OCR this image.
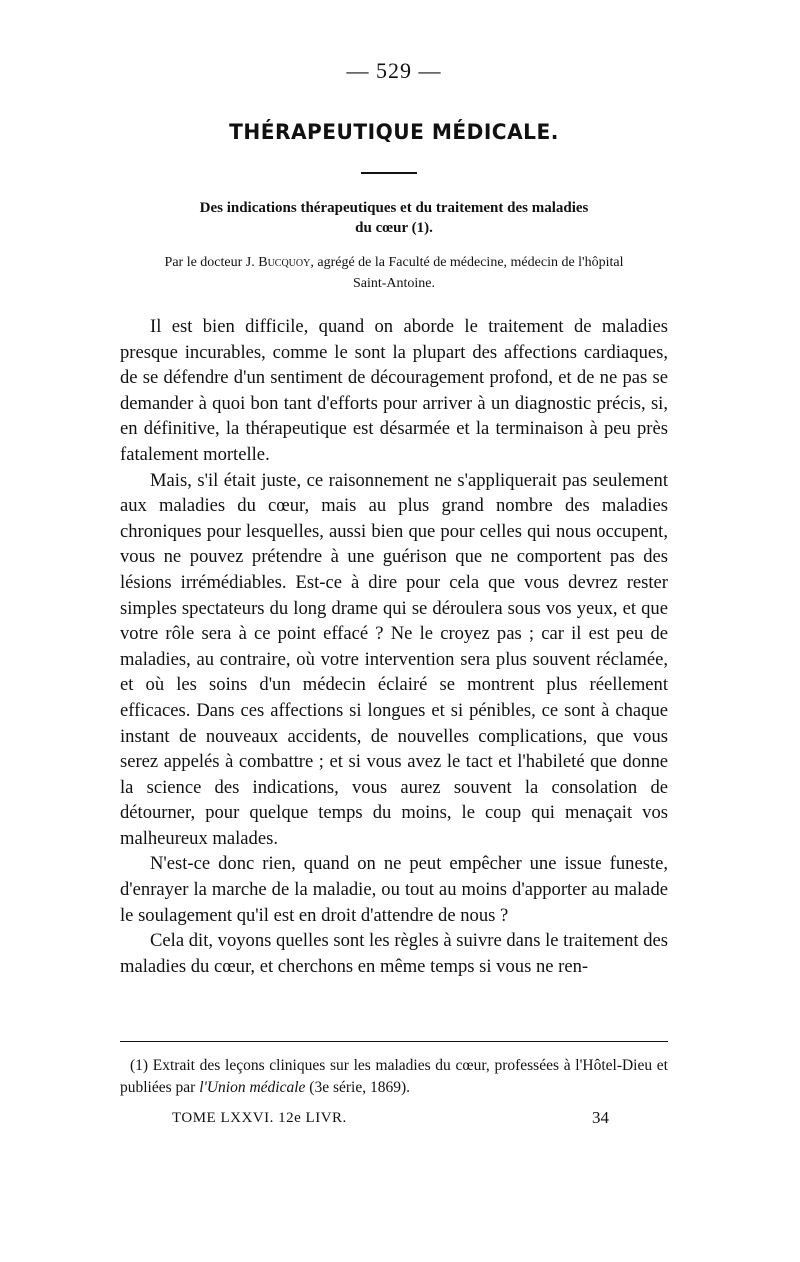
— 529 —
THÉRAPEUTIQUE MÉDICALE.
Des indications thérapeutiques et du traitement des maladies
du cœur (1).
Par le docteur J. Bucquoy, agrégé de la Faculté de médecine, médecin de l'hôpital
Saint-Antoine.

Il est bien difficile, quand on aborde le traitement de maladies presque incurables, comme le sont la plupart des affections cardiaques, de se défendre d'un sentiment de découragement profond, et de ne pas se demander à quoi bon tant d'efforts pour arriver à un diagnostic précis, si, en définitive, la thérapeutique est désarmée et la terminaison à peu près fatalement mortelle.

Mais, s'il était juste, ce raisonnement ne s'appliquerait pas seulement aux maladies du cœur, mais au plus grand nombre des maladies chroniques pour lesquelles, aussi bien que pour celles qui nous occupent, vous ne pouvez prétendre à une guérison que ne comportent pas des lésions irrémédiables. Est-ce à dire pour cela que vous devrez rester simples spectateurs du long drame qui se déroulera sous vos yeux, et que votre rôle sera à ce point effacé ? Ne le croyez pas ; car il est peu de maladies, au contraire, où votre intervention sera plus souvent réclamée, et où les soins d'un médecin éclairé se montrent plus réellement efficaces. Dans ces affections si longues et si pénibles, ce sont à chaque instant de nouveaux accidents, de nouvelles complications, que vous serez appelés à combattre ; et si vous avez le tact et l'habileté que donne la science des indications, vous aurez souvent la consolation de détourner, pour quelque temps du moins, le coup qui menaçait vos malheureux malades.

N'est-ce donc rien, quand on ne peut empêcher une issue funeste, d'enrayer la marche de la maladie, ou tout au moins d'apporter au malade le soulagement qu'il est en droit d'attendre de nous ?

Cela dit, voyons quelles sont les règles à suivre dans le traitement des maladies du cœur, et cherchons en même temps si vous ne ren-

(1) Extrait des leçons cliniques sur les maladies du cœur, professées à l'Hôtel-Dieu et publiées par l'Union médicale (3e série, 1869).
TOME LXXVI. 12e LIVR.	34
